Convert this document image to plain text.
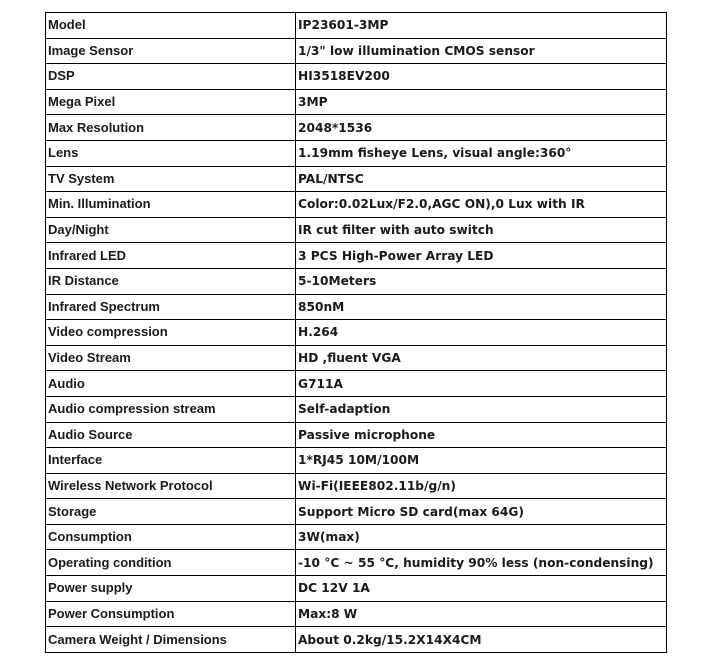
Model	IP23601-3MP
Image Sensor	1/3" low illumination CMOS sensor
DSP	HI3518EV200
Mega Pixel	3MP
Max Resolution	2048*1536
Lens	1.19mm fisheye Lens, visual angle:360°
TV System	PAL/NTSC
Min. Illumination	Color:0.02Lux/F2.0,AGC ON),0 Lux with IR
Day/Night	IR cut filter with auto switch
Infrared LED	3 PCS High-Power Array LED
IR Distance	5-10Meters
Infrared Spectrum	850nM
Video compression	H.264
Video Stream	HD ,fluent VGA
Audio	G711A
Audio compression stream	Self-adaption
Audio Source	Passive microphone
Interface	1*RJ45 10M/100M
Wireless Network Protocol	Wi-Fi(IEEE802.11b/g/n)
Storage	Support Micro SD card(max 64G)
Consumption	3W(max)
Operating condition	-10 °C ~ 55 °C, humidity 90% less (non-condensing)
Power supply	DC 12V 1A
Power Consumption	Max:8 W
Camera Weight / Dimensions	About 0.2kg/15.2X14X4CM
